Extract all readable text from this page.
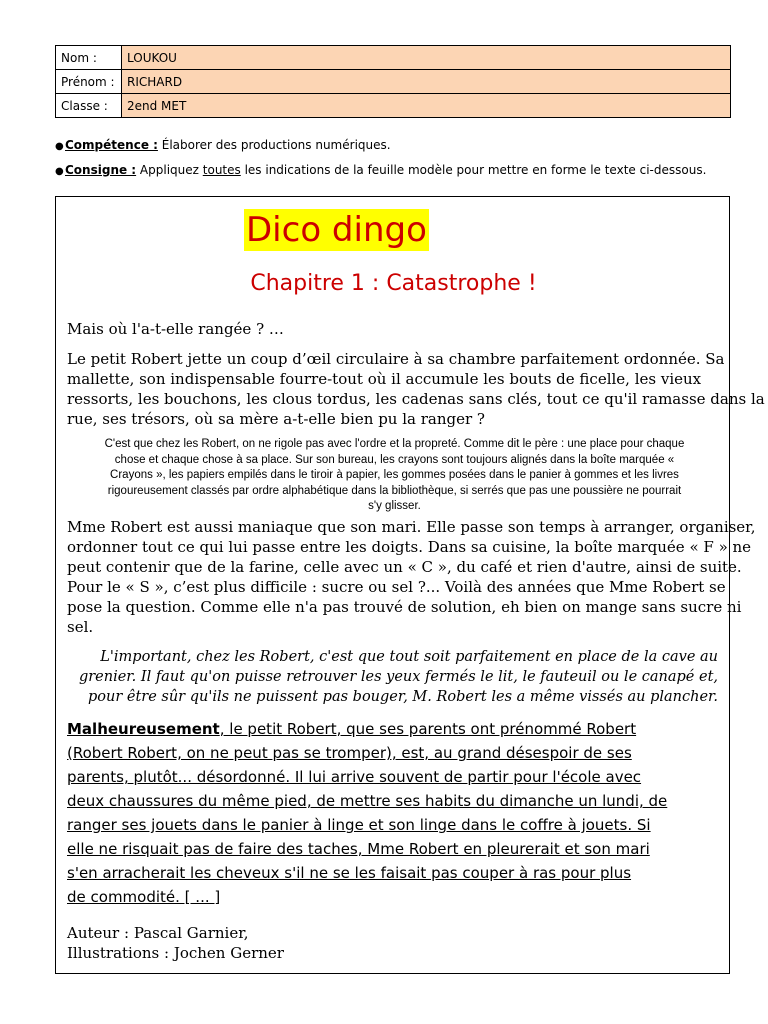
Nom :	LOUKOU
Prénom :	RICHARD
Classe :	2end MET
●Compétence : Élaborer des productions numériques.
●Consigne : Appliquez toutes les indications de la feuille modèle pour mettre en forme le texte ci-dessous.
Dico dingo
Chapitre 1 : Catastrophe !
Mais où l'a-t-elle rangée ? …
Le petit Robert jette un coup d’œil circulaire à sa chambre parfaitement ordonnée. Sa
mallette, son indispensable fourre-tout où il accumule les bouts de ficelle, les vieux
ressorts, les bouchons, les clous tordus, les cadenas sans clés, tout ce qu'il ramasse dans la
rue, ses trésors, où sa mère a-t-elle bien pu la ranger ?
C'est que chez les Robert, on ne rigole pas avec l'ordre et la propreté. Comme dit le père : une place pour chaque
chose et chaque chose à sa place. Sur son bureau, les crayons sont toujours alignés dans la boîte marquée «
Crayons », les papiers empilés dans le tiroir à papier, les gommes posées dans le panier à gommes et les livres
rigoureusement classés par ordre alphabétique dans la bibliothèque, si serrés que pas une poussière ne pourrait
s'y glisser.
Mme Robert est aussi maniaque que son mari. Elle passe son temps à arranger, organiser,
ordonner tout ce qui lui passe entre les doigts. Dans sa cuisine, la boîte marquée « F » ne
peut contenir que de la farine, celle avec un « C », du café et rien d'autre, ainsi de suite.
Pour le « S », c’est plus difficile : sucre ou sel ?... Voilà des années que Mme Robert se
pose la question. Comme elle n'a pas trouvé de solution, eh bien on mange sans sucre ni
sel.
L'important, chez les Robert, c'est que tout soit parfaitement en place de la cave au
grenier. Il faut qu'on puisse retrouver les yeux fermés le lit, le fauteuil ou le canapé et,
pour être sûr qu'ils ne puissent pas bouger, M. Robert les a même vissés au plancher.
Malheureusement, le petit Robert, que ses parents ont prénommé Robert
(Robert Robert, on ne peut pas se tromper), est, au grand désespoir de ses
parents, plutôt... désordonné. Il lui arrive souvent de partir pour l'école avec
deux chaussures du même pied, de mettre ses habits du dimanche un lundi, de
ranger ses jouets dans le panier à linge et son linge dans le coffre à jouets. Si
elle ne risquait pas de faire des taches, Mme Robert en pleurerait et son mari
s'en arracherait les cheveux s'il ne se les faisait pas couper à ras pour plus
de commodité. [ ... ]
Auteur : Pascal Garnier,
Illustrations : Jochen Gerner
